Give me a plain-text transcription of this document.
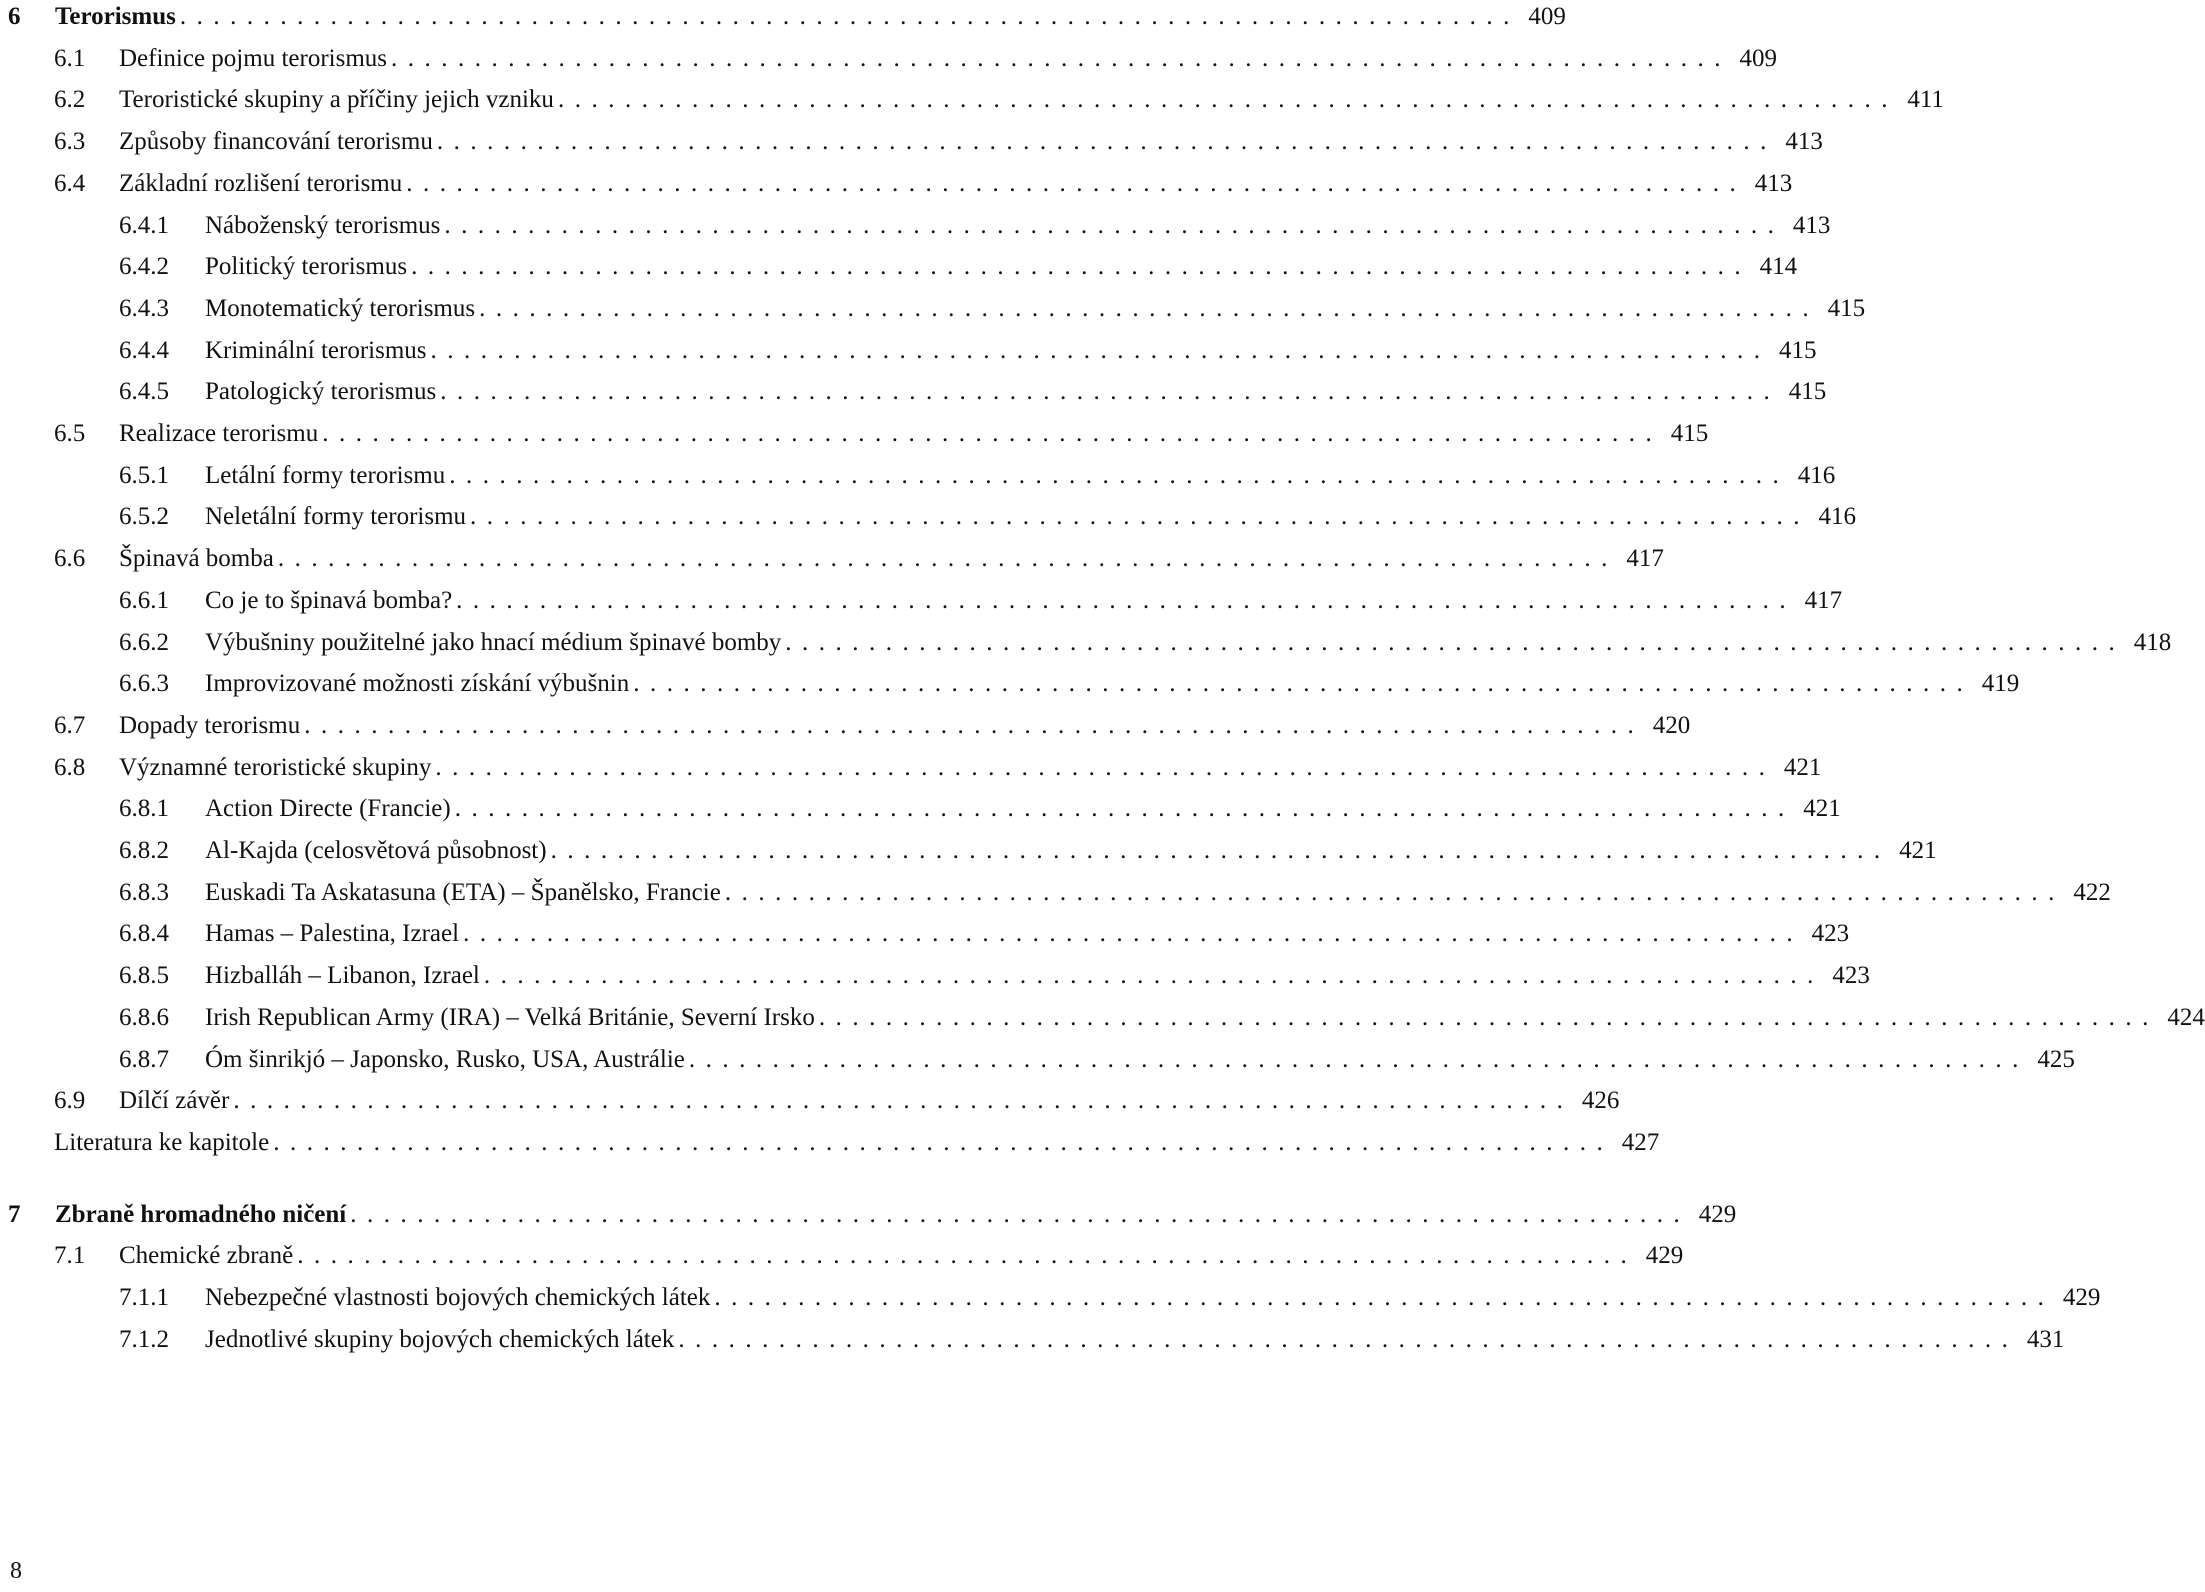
6	Terorismus ................................................................................ 409
6.1	Definice pojmu terorismus ................................................................................ 409
6.2	Teroristické skupiny a příčiny jejich vzniku ................................................................................ 411
6.3	Způsoby financování terorismu ................................................................................ 413
6.4	Základní rozlišení terorismu ................................................................................ 413
6.4.1	Náboženský terorismus ................................................................................ 413
6.4.2	Politický terorismus ................................................................................ 414
6.4.3	Monotematický terorismus ................................................................................ 415
6.4.4	Kriminální terorismus ................................................................................ 415
6.4.5	Patologický terorismus ................................................................................ 415
6.5	Realizace terorismu ................................................................................ 415
6.5.1	Letální formy terorismu ................................................................................ 416
6.5.2	Neletální formy terorismu ................................................................................ 416
6.6	Špinavá bomba ................................................................................ 417
6.6.1	Co je to špinavá bomba? ................................................................................ 417
6.6.2	Výbušniny použitelné jako hnací médium špinavé bomby ................................................................................ 418
6.6.3	Improvizované možnosti získání výbušnin ................................................................................ 419
6.7	Dopady terorismu ................................................................................ 420
6.8	Významné teroristické skupiny ................................................................................ 421
6.8.1	Action Directe (Francie) ................................................................................ 421
6.8.2	Al-Kajda (celosvětová působnost) ................................................................................ 421
6.8.3	Euskadi Ta Askatasuna (ETA) – Španělsko, Francie ................................................................................ 422
6.8.4	Hamas – Palestina, Izrael ................................................................................ 423
6.8.5	Hizballáh – Libanon, Izrael ................................................................................ 423
6.8.6	Irish Republican Army (IRA) – Velká Británie, Severní Irsko ................................................................................ 424
6.8.7	Óm šinrikjó – Japonsko, Rusko, USA, Austrálie ................................................................................ 425
6.9	Dílčí závěr ................................................................................ 426
Literatura ke kapitole ................................................................................ 427
7	Zbraně hromadného ničení ................................................................................ 429
7.1	Chemické zbraně ................................................................................ 429
7.1.1	Nebezpečné vlastnosti bojových chemických látek ................................................................................ 429
7.1.2	Jednotlivé skupiny bojových chemických látek ................................................................................ 431
8
